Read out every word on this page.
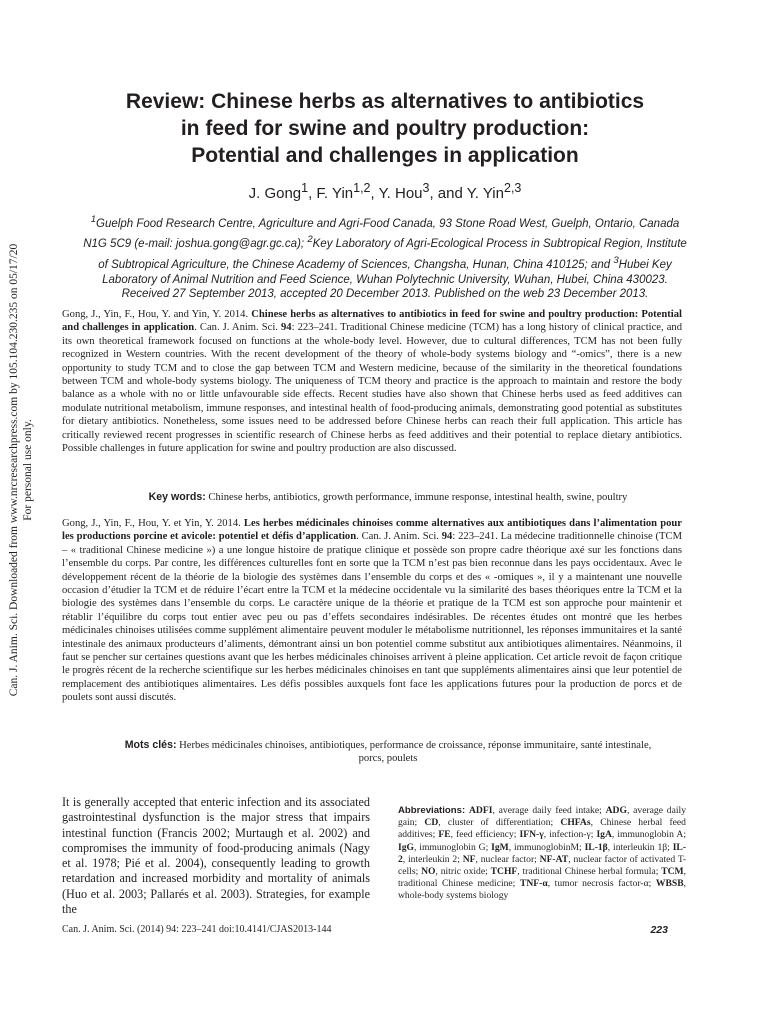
Can. J. Anim. Sci. Downloaded from www.nrcresearchpress.com by 105.104.230.235 on 05/17/20 For personal use only.
Review: Chinese herbs as alternatives to antibiotics
in feed for swine and poultry production:
Potential and challenges in application
J. Gong$^1$, F. Yin$^{1,2}$, Y. Hou$^3$, and Y. Yin$^{2,3}$
$^1$Guelph Food Research Centre, Agriculture and Agri-Food Canada, 93 Stone Road West, Guelph, Ontario, Canada N1G 5C9 (e-mail: joshua.gong@agr.gc.ca); $^2$Key Laboratory of Agri-Ecological Process in Subtropical Region, Institute of Subtropical Agriculture, the Chinese Academy of Sciences, Changsha, Hunan, China 410125; and $^3$Hubei Key Laboratory of Animal Nutrition and Feed Science, Wuhan Polytechnic University, Wuhan, Hubei, China 430023.
Received 27 September 2013, accepted 20 December 2013. Published on the web 23 December 2013.
Gong, J., Yin, F., Hou, Y. and Yin, Y. 2014. Chinese herbs as alternatives to antibiotics in feed for swine and poultry production: Potential and challenges in application. Can. J. Anim. Sci. 94: 223–241. Traditional Chinese medicine (TCM) has a long history of clinical practice, and its own theoretical framework focused on functions at the whole-body level. However, due to cultural differences, TCM has not been fully recognized in Western countries. With the recent development of the theory of whole-body systems biology and “-omics”, there is a new opportunity to study TCM and to close the gap between TCM and Western medicine, because of the similarity in the theoretical foundations between TCM and whole-body systems biology. The uniqueness of TCM theory and practice is the approach to maintain and restore the body balance as a whole with no or little unfavourable side effects. Recent studies have also shown that Chinese herbs used as feed additives can modulate nutritional metabolism, immune responses, and intestinal health of food-producing animals, demonstrating good potential as substitutes for dietary antibiotics. Nonetheless, some issues need to be addressed before Chinese herbs can reach their full application. This article has critically reviewed recent progresses in scientific research of Chinese herbs as feed additives and their potential to replace dietary antibiotics. Possible challenges in future application for swine and poultry production are also discussed.
Key words: Chinese herbs, antibiotics, growth performance, immune response, intestinal health, swine, poultry
Gong, J., Yin, F., Hou, Y. et Yin, Y. 2014. Les herbes médicinales chinoises comme alternatives aux antibiotiques dans l’alimentation pour les productions porcine et avicole: potentiel et défis d’application. Can. J. Anim. Sci. 94: 223–241. La médecine traditionnelle chinoise (TCM – « traditional Chinese medicine ») a une longue histoire de pratique clinique et possède son propre cadre théorique axé sur les fonctions dans l’ensemble du corps. Par contre, les différences culturelles font en sorte que la TCM n’est pas bien reconnue dans les pays occidentaux. Avec le développement récent de la théorie de la biologie des systèmes dans l’ensemble du corps et des « -omiques », il y a maintenant une nouvelle occasion d’étudier la TCM et de réduire l’écart entre la TCM et la médecine occidentale vu la similarité des bases théoriques entre la TCM et la biologie des systèmes dans l’ensemble du corps. Le caractère unique de la théorie et pratique de la TCM est son approche pour maintenir et rétablir l’équilibre du corps tout entier avec peu ou pas d’effets secondaires indésirables. De récentes études ont montré que les herbes médicinales chinoises utilisées comme supplément alimentaire peuvent moduler le métabolisme nutritionnel, les réponses immunitaires et la santé intestinale des animaux producteurs d’aliments, démontrant ainsi un bon potentiel comme substitut aux antibiotiques alimentaires. Néanmoins, il faut se pencher sur certaines questions avant que les herbes médicinales chinoises arrivent à pleine application. Cet article revoit de façon critique le progrès récent de la recherche scientifique sur les herbes médicinales chinoises en tant que suppléments alimentaires ainsi que leur potentiel de remplacement des antibiotiques alimentaires. Les défis possibles auxquels font face les applications futures pour la production de porcs et de poulets sont aussi discutés.
Mots clés: Herbes médicinales chinoises, antibiotiques, performance de croissance, réponse immunitaire, santé intestinale, porcs, poulets
It is generally accepted that enteric infection and its associated gastrointestinal dysfunction is the major stress that impairs intestinal function (Francis 2002; Murtaugh et al. 2002) and compromises the immunity of food-producing animals (Nagy et al. 1978; Pié et al. 2004), consequently leading to growth retardation and increased morbidity and mortality of animals (Huo et al. 2003; Pallarés et al. 2003). Strategies, for example the
Abbreviations: ADFI, average daily feed intake; ADG, average daily gain; CD, cluster of differentiation; CHFAs, Chinese herbal feed additives; FE, feed efficiency; IFN-γ, infection-γ; IgA, immunoglobin A; IgG, immunoglobin G; IgM, immunoglobinM; IL-1β, interleukin 1β; IL-2, interleukin 2; NF, nuclear factor; NF-AT, nuclear factor of activated T-cells; NO, nitric oxide; TCHF, traditional Chinese herbal formula; TCM, traditional Chinese medicine; TNF-α, tumor necrosis factor-α; WBSB, whole-body systems biology
Can. J. Anim. Sci. (2014) 94: 223–241 doi:10.4141/CJAS2013-144	223
